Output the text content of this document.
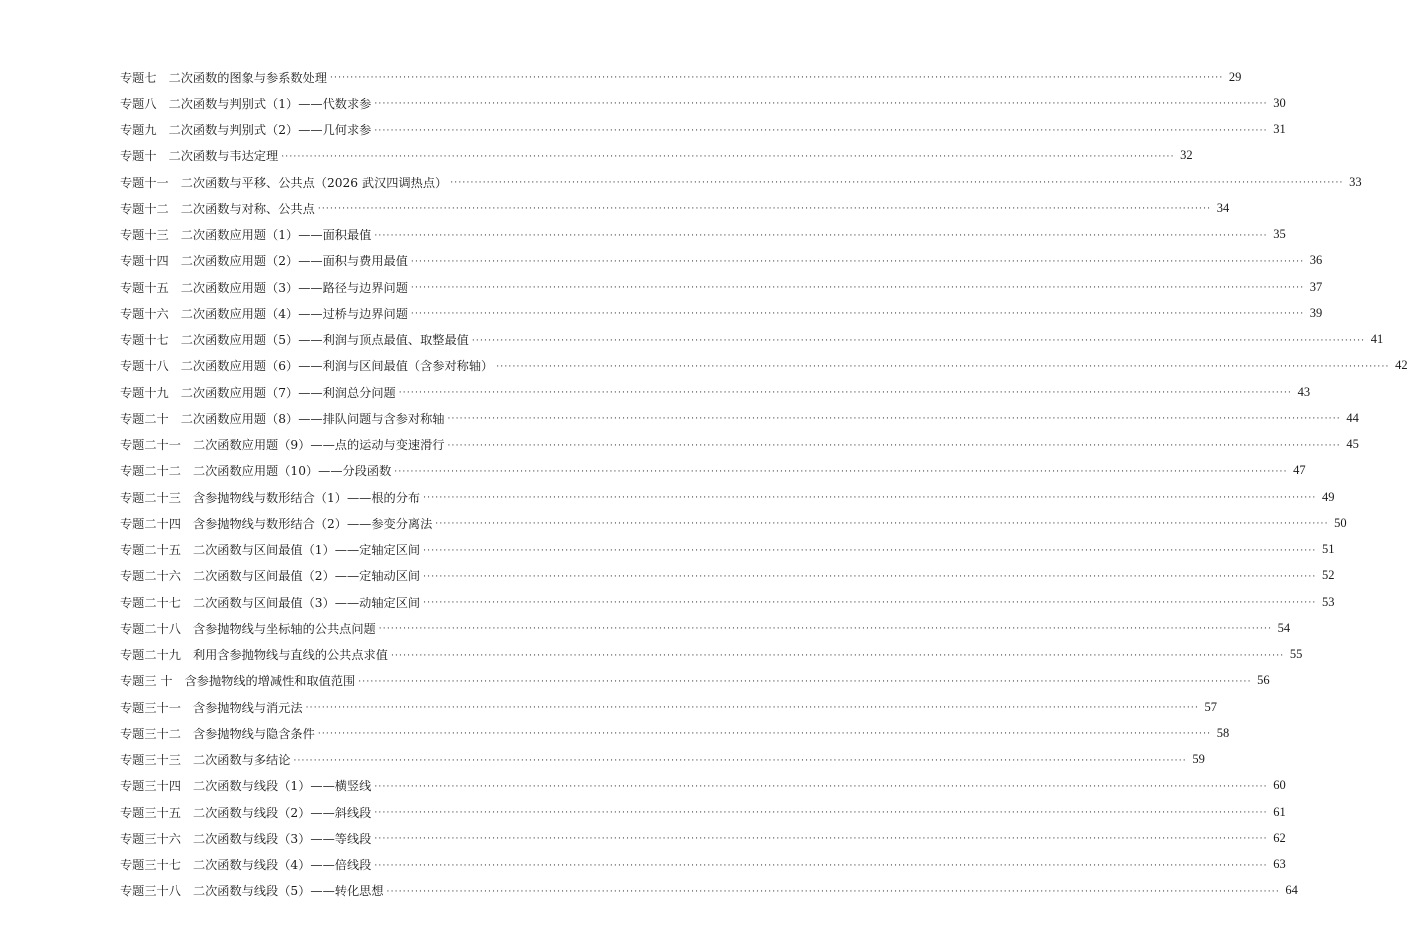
专题七 二次函数的图象与参系数处理 ···························································································································································································································· 29
专题八 二次函数与判别式（1）——代数求参 ···························································································································································································································· 30
专题九 二次函数与判别式（2）——几何求参 ···························································································································································································································· 31
专题十 二次函数与韦达定理 ···························································································································································································································· 32
专题十一 二次函数与平移、公共点（2026 武汉四调热点） ···························································································································································································································· 33
专题十二 二次函数与对称、公共点 ···························································································································································································································· 34
专题十三 二次函数应用题（1）——面积最值 ···························································································································································································································· 35
专题十四 二次函数应用题（2）——面积与费用最值 ···························································································································································································································· 36
专题十五 二次函数应用题（3）——路径与边界问题 ···························································································································································································································· 37
专题十六 二次函数应用题（4）——过桥与边界问题 ···························································································································································································································· 39
专题十七 二次函数应用题（5）——利润与顶点最值、取整最值 ···························································································································································································································· 41
专题十八 二次函数应用题（6）——利润与区间最值（含参对称轴） ···························································································································································································································· 42
专题十九 二次函数应用题（7）——利润总分问题 ···························································································································································································································· 43
专题二十 二次函数应用题（8）——排队问题与含参对称轴 ···························································································································································································································· 44
专题二十一 二次函数应用题（9）——点的运动与变速滑行 ···························································································································································································································· 45
专题二十二 二次函数应用题（10）——分段函数 ···························································································································································································································· 47
专题二十三 含参抛物线与数形结合（1）——根的分布 ···························································································································································································································· 49
专题二十四 含参抛物线与数形结合（2）——参变分离法 ···························································································································································································································· 50
专题二十五 二次函数与区间最值（1）——定轴定区间 ···························································································································································································································· 51
专题二十六 二次函数与区间最值（2）——定轴动区间 ···························································································································································································································· 52
专题二十七 二次函数与区间最值（3）——动轴定区间 ···························································································································································································································· 53
专题二十八 含参抛物线与坐标轴的公共点问题 ···························································································································································································································· 54
专题二十九 利用含参抛物线与直线的公共点求值 ···························································································································································································································· 55
专题三 十 含参抛物线的增减性和取值范围 ···························································································································································································································· 56
专题三十一 含参抛物线与消元法 ···························································································································································································································· 57
专题三十二 含参抛物线与隐含条件 ···························································································································································································································· 58
专题三十三 二次函数与多结论 ···························································································································································································································· 59
专题三十四 二次函数与线段（1）——横竖线 ···························································································································································································································· 60
专题三十五 二次函数与线段（2）——斜线段 ···························································································································································································································· 61
专题三十六 二次函数与线段（3）——等线段 ···························································································································································································································· 62
专题三十七 二次函数与线段（4）——倍线段 ···························································································································································································································· 63
专题三十八 二次函数与线段（5）——转化思想 ···························································································································································································································· 64
